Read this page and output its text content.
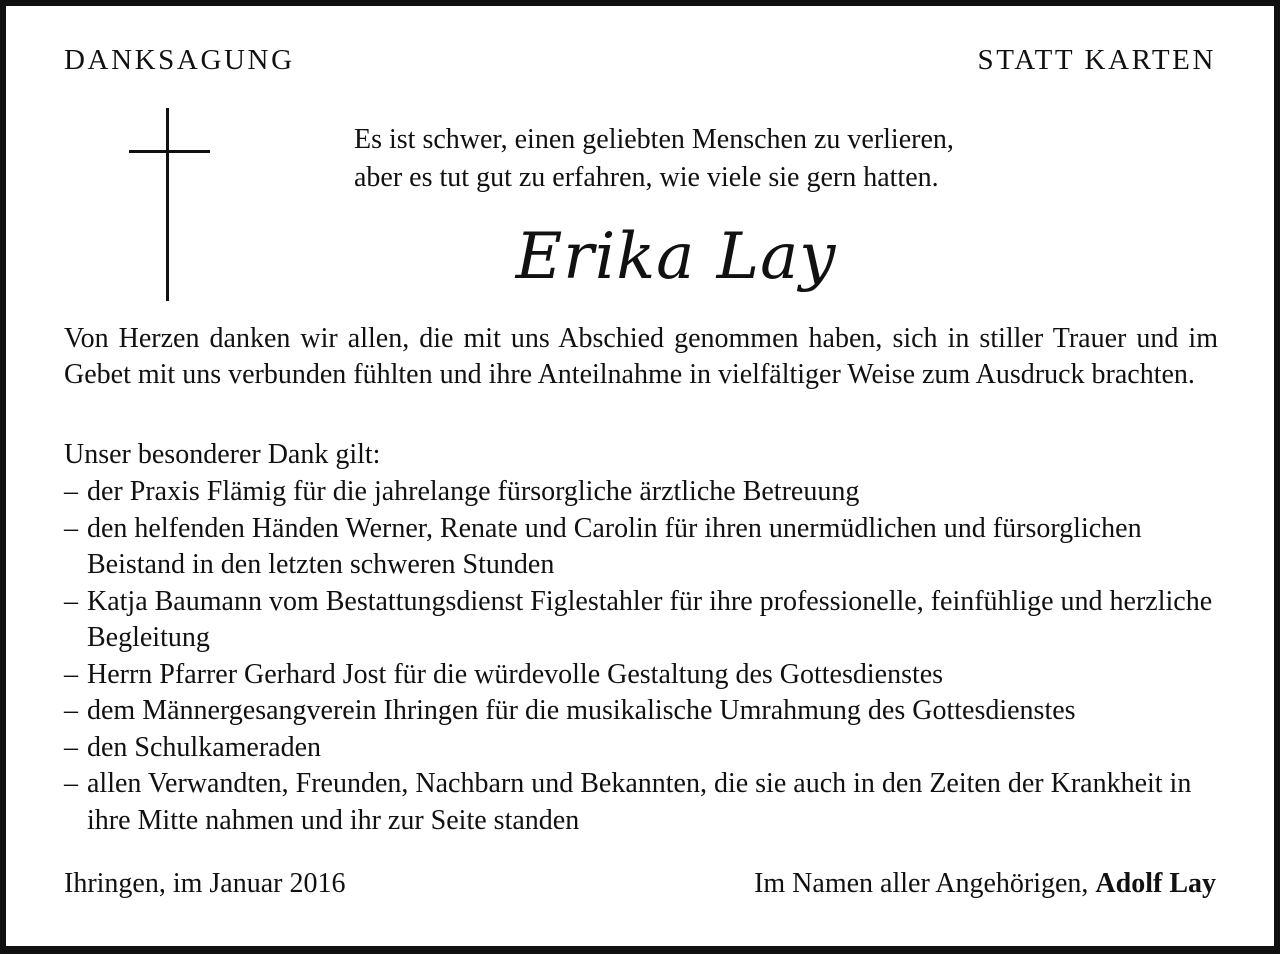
DANKSAGUNG	STATT KARTEN
Es ist schwer, einen geliebten Menschen zu verlieren,
aber es tut gut zu erfahren, wie viele sie gern hatten.
Erika Lay
Von Herzen danken wir allen, die mit uns Abschied genommen haben, sich in stiller Trauer und im Gebet mit uns verbunden fühlten und ihre Anteilnahme in vielfältiger Weise zum Ausdruck brachten.
Unser besonderer Dank gilt:
– der Praxis Flämig für die jahrelange fürsorgliche ärztliche Betreuung
– den helfenden Händen Werner, Renate und Carolin für ihren unermüdlichen und fürsorglichen Beistand in den letzten schweren Stunden
– Katja Baumann vom Bestattungsdienst Figlestahler für ihre professionelle, feinfühlige und herzliche Begleitung
– Herrn Pfarrer Gerhard Jost für die würdevolle Gestaltung des Gottesdienstes
– dem Männergesangverein Ihringen für die musikalische Umrahmung des Gottesdienstes
– den Schulkameraden
– allen Verwandten, Freunden, Nachbarn und Bekannten, die sie auch in den Zeiten der Krankheit in ihre Mitte nahmen und ihr zur Seite standen
Ihringen, im Januar 2016	Im Namen aller Angehörigen, Adolf Lay
